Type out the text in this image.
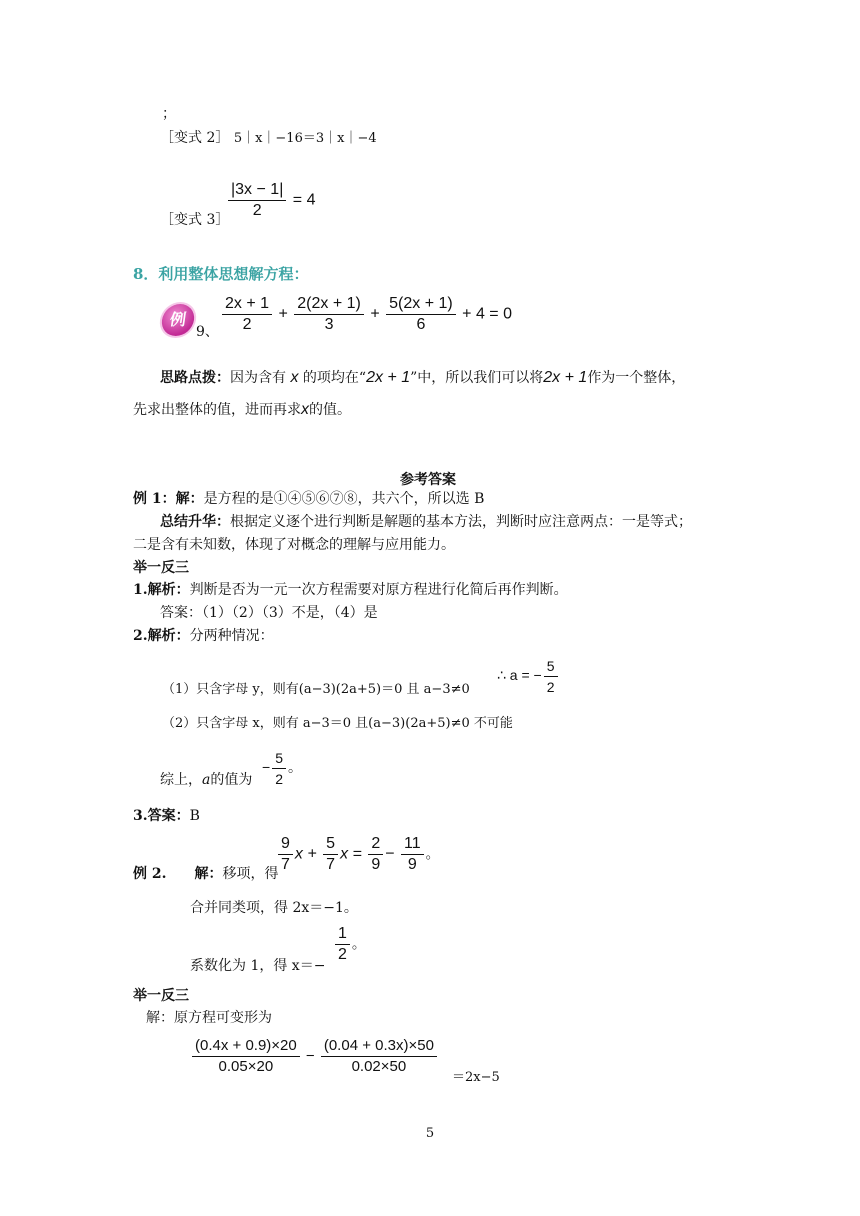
；
［变式 2］ 5｜x｜−16＝3｜x｜−4
［变式 3］
$\frac{|3x - 1|}{2} = 4$
8．利用整体思想解方程：
例
9、 $\frac{2x + 1}{2} + \frac{2(2x + 1)}{3} + \frac{5(2x + 1)}{6} + 4 = 0$
思路点拨：因为含有 x 的项均在“2x + 1”中，所以我们可以将2x + 1作为一个整体，
先求出整体的值，进而再求x的值。
参考答案
例 1：解：是方程的是①④⑤⑥⑦⑧，共六个，所以选 B
总结升华：根据定义逐个进行判断是解题的基本方法，判断时应注意两点：一是等式；
二是含有未知数，体现了对概念的理解与应用能力。
举一反三
1.解析：判断是否为一元一次方程需要对原方程进行化简后再作判断。
答案：（1）（2）（3）不是，（4）是
2.解析：分两种情况：
（1）只含字母 y，则有(a−3)(2a+5)＝0 且 a−3≠0
∴ a = − $\frac{5}{2}$
（2）只含字母 x，则有 a−3＝0 且(a−3)(2a+5)≠0 不可能
综上，a的值为
− $\frac{5}{2}$ 。
3.答案：B
例 2. 解：移项，得 $\frac{9}{7}$ $x + \frac{5}{7}$ $x = \frac{2}{9} - \frac{11}{9}$ 。
合并同类项，得 2x＝−1。
系数化为 1，得 x＝−
$\frac{1}{2}$ 。
举一反三
解：原方程可变形为
$\frac{(0.4x + 0.9)\times 20}{0.05\times 20} - \frac{(0.04 + 0.3x)\times 50}{0.02\times 50}$
＝2x−5
5
